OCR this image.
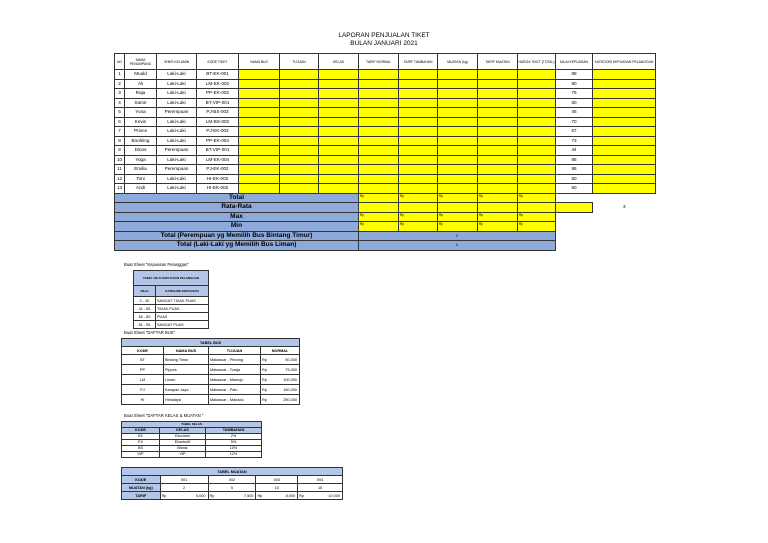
LAPORAN PENJUALAN TIKET
BULAN JANUARI 2021
NO	NAMA PENUMPANG	JENIS KELAMIN	KODE TIKET	NAMA BUS	TUJUAN	KELAS	TARIF NORMAL	TARIF TAMBAHAN	MUATAN (kg)	TARIF MUATAN	HARGA TIKET (TOTAL)	NILAI KEPUASAN	KATEGORI KEPUASAN PELANGGAN
1	Muald	Laki-Laki	BT-EK-001									88	
2	Ali	Laki-Laki	LM-EK-002									90	
3	Raja	Laki-Laki	PP-EK-003									75	
4	Samir	Laki-Laki	BT-VIP-001									60	
5	Yuna	Perempuan	PJ-BS-003									45	
6	Kevin	Laki-Laki	LM-BS-002									70	
7	Prince	Laki-Laki	PJ-EK-003									67	
8	Boohiing	Laki-Laki	PP-EK-004									73	
9	Dinos	Perempuan	BT-VIP-001									44	
10	Yoga	Laki-Laki	LM-EK-004									85	
11	Emilia	Perempuan	PJ-EK-002									95	
12	Toni	Laki-Laki	HI-EK-002									50	
13	Andi	Laki-Laki	HI-EK-002									50	
Total							Rp	Rp	Rp	Rp	Rp		
Rata-Rata													3
Max							Rp	Rp	Rp	Rp	Rp		
Min							Rp	Rp	Rp	Rp	Rp		
Total (Perempuan yg Memilih Bus Bintang Timur)							0						
Total (Laki-Laki yg Memilih Bus Liman)							0						
Buat Sheet "Kepuasan Pelanggan"
TABEL NILAI KEPUASAN PELANGGAN	
NILAI	KATEGORI KEPUASAN
0 - 40	SANGAT TIDAK PUAS
41 - 65	TIDAK PUAS
66 - 80	PUAS
81 - 95	SANGAT PUAS
Buat Sheet "DAFTAR BUS"
TABEL BUS				
KODE	NAMA BUS	TUJUAN	NORMAL	
BT	Bintang Timur	Makassar - Pinrang	Rp	50,000
PP	Pippos	Makassar - Toraja	Rp	75,000
LM	Liman	Makassar - Mamuju	Rp	100,000
PJ	Karapan Jaya	Makassar - Palu	Rp	150,000
HI	Himalaya	Makassar - Manado	Rp	250,000
Buat Sheet "DAFTAR KELAS & MUATAN "
TABEL KELAS		
KODE	KELAS	TAMBAHAN
EK	Ekonomi	2%
EX	Eksekutif	5%
BS	Bisnis	10%
VIP	VIP	12%
TABEL MUATAN								
KODE	001		002		003		004	
MUATAN (kg)	2		5		10		15	
TARIF	Rp	5,000	Rp	7,500	Rp	8,000	Rp	10,000
